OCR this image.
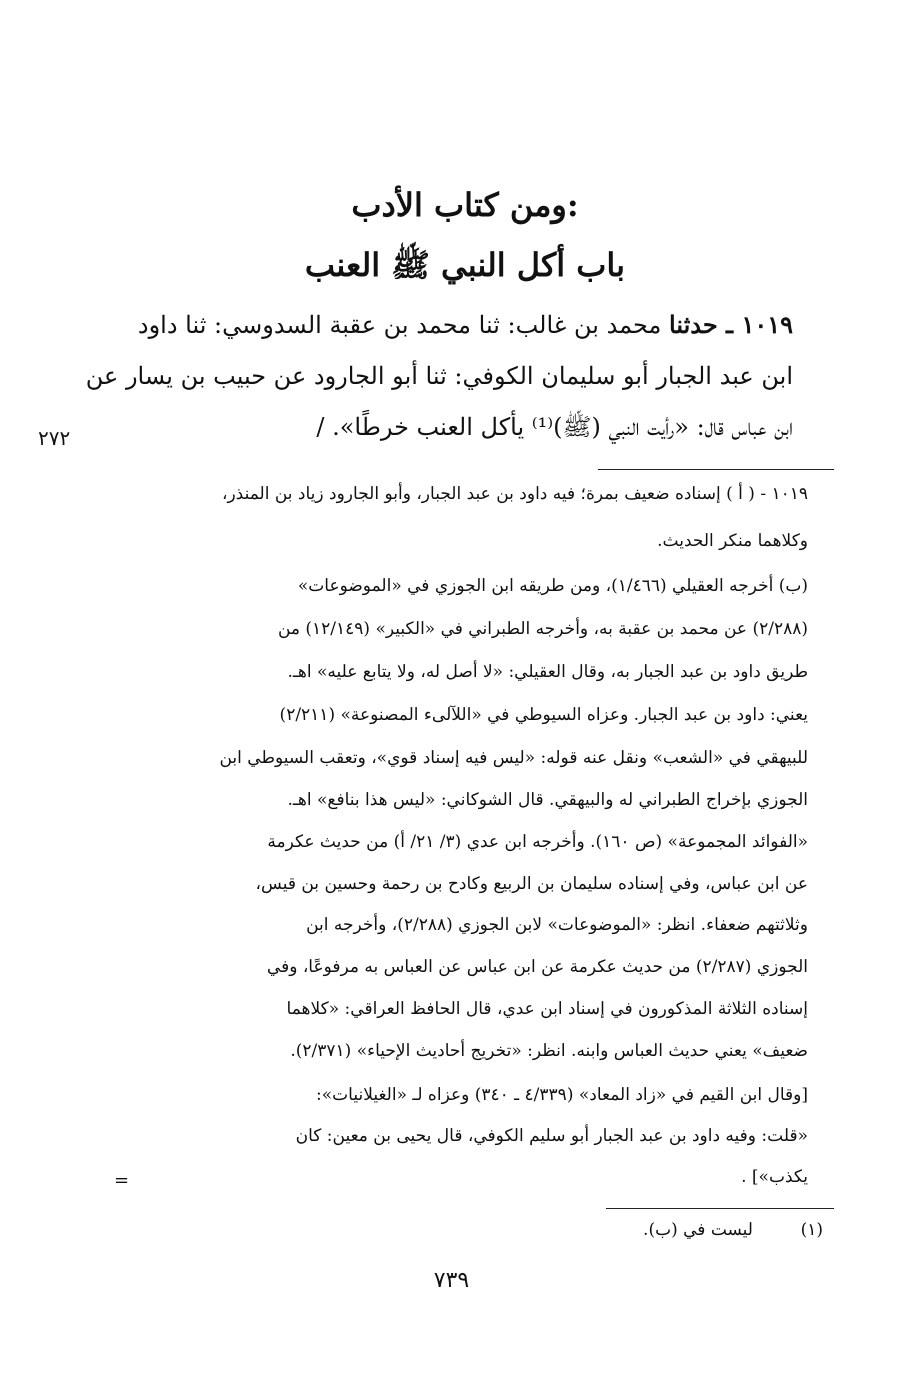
ومن كتاب الأدب:
باب أكل النبي ﷺ العنب
١٠١٩ ـ حدثنا محمد بن غالب: ثنا محمد بن عقبة السدوسي: ثنا داود
ابن عبد الجبار أبو سليمان الكوفي: ثنا أبو الجارود عن حبيب بن يسار عن
ابن عباس قال: «رأيت النبي (ﷺ)⁽¹⁾ يأكل العنب خرطًا». /
٢٧٢
١٠١٩ - ( أ ) إسناده ضعيف بمرة؛ فيه داود بن عبد الجبار، وأبو الجارود زياد بن المنذر،
وكلاهما منكر الحديث.
(ب) أخرجه العقيلي (١/٤٦٦)، ومن طريقه ابن الجوزي في «الموضوعات»
(٢/٢٨٨) عن محمد بن عقبة به، وأخرجه الطبراني في «الكبير» (١٢/١٤٩) من
طريق داود بن عبد الجبار به، وقال العقيلي: «لا أصل له، ولا يتابع عليه» اهـ.
يعني: داود بن عبد الجبار. وعزاه السيوطي في «اللآلىء المصنوعة» (٢/٢١١)
للبيهقي في «الشعب» ونقل عنه قوله: «ليس فيه إسناد قوي»، وتعقب السيوطي ابن
الجوزي بإخراج الطبراني له والبيهقي. قال الشوكاني: «ليس هذا بنافع» اهـ.
«الفوائد المجموعة» (ص ١٦٠). وأخرجه ابن عدي (٣/ ٢١/ أ) من حديث عكرمة
عن ابن عباس، وفي إسناده سليمان بن الربيع وكادح بن رحمة وحسين بن قيس،
وثلاثتهم ضعفاء. انظر: «الموضوعات» لابن الجوزي (٢/٢٨٨)، وأخرجه ابن
الجوزي (٢/٢٨٧) من حديث عكرمة عن ابن عباس عن العباس به مرفوعًا، وفي
إسناده الثلاثة المذكورون في إسناد ابن عدي، قال الحافظ العراقي: «كلاهما
ضعيف» يعني حديث العباس وابنه. انظر: «تخريج أحاديث الإحياء» (٢/٣٧١).
[وقال ابن القيم في «زاد المعاد» (٤/٣٣٩ ـ ٣٤٠) وعزاه لـ «الغيلانيات»:
«قلت: وفيه داود بن عبد الجبار أبو سليم الكوفي، قال يحيى بن معين: كان
يكذب»] .
=
(١)
ليست في (ب).
٧٣٩
